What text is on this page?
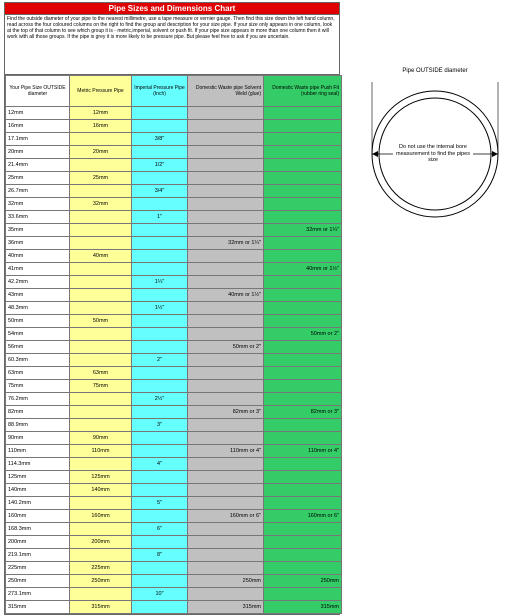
Pipe Sizes and Dimensions Chart
Find the outside diameter of your pipe to the nearest millimetre, use a tape measure or vernier gauge. Then find this size down the left hand column, read across the four coloured columns on the right to find the group and description for your size pipe. If your size only appears in one column, look at the top of that column to see which group it is - metric,imperial, solvent or push fit. If your pipe size appears in more than one column then it will work with all those groups. If the pipe is grey it is more likely to be pressure pipe. But please feel free to ask if you are uncertain.
Your Pipe Size OUTSIDE diameter	Metric Pressure Pipe	Imperial Pressure Pipe (Inch)	Domestic Waste pipe Solvent Weld (glue)	Domestic Waste pipe Push Fit (rubber ring seal)
12mm	12mm			
16mm	16mm			
17.1mm		3/8"		
20mm	20mm			
21.4mm		1/2"		
25mm	25mm			
26.7mm		3/4"		
32mm	32mm			
33.6mm		1"		
35mm				32mm or 1¼"
36mm			32mm or 1¼"	
40mm	40mm			
41mm				40mm or 1½"
42.2mm		1¼"		
43mm			40mm or 1½"	
48.3mm		1½"		
50mm	50mm			
54mm				50mm or 2"
56mm			50mm or 2"	
60.3mm		2"		
63mm	63mm			
75mm	75mm			
76.2mm		2½"		
82mm			82mm or 3"	82mm or 3"
88.9mm		3"		
90mm	90mm			
110mm	110mm		110mm or 4"	110mm or 4"
114.3mm		4"		
125mm	125mm			
140mm	140mm			
140.2mm		5"		
160mm	160mm		160mm or 6"	160mm or 6"
168.3mm		6"		
200mm	200mm			
219.1mm		8"		
225mm	225mm			
250mm	250mm		250mm	250mm
273.1mm		10"		
315mm	315mm		315mm	315mm
Pipe OUTSIDE diameter
Do not use the internal bore measurement to find the pipes size
